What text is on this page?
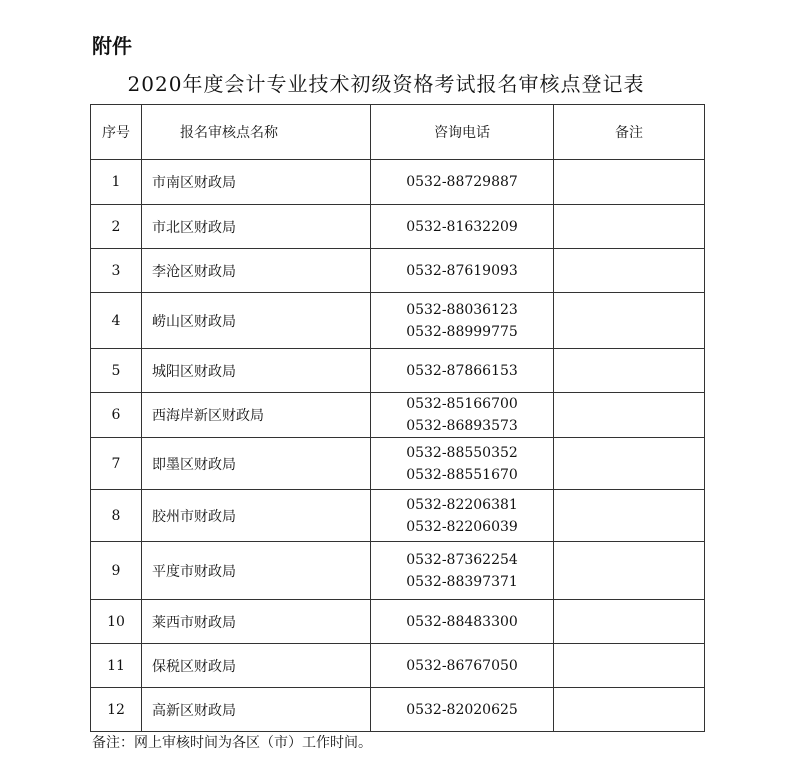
附件
2020年度会计专业技术初级资格考试报名审核点登记表
序号	报名审核点名称	咨询电话	备注
1	市南区财政局	0532-88729887	

2	市北区财政局	0532-81632209	

3	李沧区财政局	0532-87619093	

4	崂山区财政局	0532-88036123
0532-88999775	

5	城阳区财政局	0532-87866153	

6	西海岸新区财政局	0532-85166700
0532-86893573	

7	即墨区财政局	0532-88550352
0532-88551670	

8	胶州市财政局	0532-82206381
0532-82206039	

9	平度市财政局	0532-87362254
0532-88397371	

10	莱西市财政局	0532-88483300	

11	保税区财政局	0532-86767050	

12	高新区财政局	0532-82020625	

备注：网上审核时间为各区（市）工作时间。
